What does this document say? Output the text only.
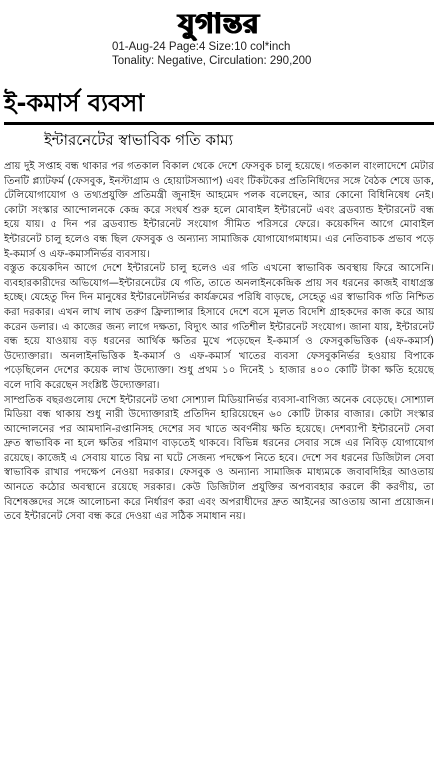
যুগান্তর
01-Aug-24 Page:4 Size:10 col*inch
Tonality: Negative, Circulation: 290,200
ই-কমার্স ব্যবসা
ইন্টারনেটের স্বাভাবিক গতি কাম্য

প্রায় দুই সপ্তাহ বন্ধ থাকার পর গতকাল বিকাল থেকে দেশে ফেসবুক চালু হয়েছে। গতকাল বাংলাদেশে মেটার তিনটি প্ল্যাটফর্ম (ফেসবুক, ইনস্টাগ্রাম ও হোয়াটসঅ্যাপ) এবং টিকটকের প্রতিনিধিদের সঙ্গে বৈঠক শেষে ডাক, টেলিযোগাযোগ ও তথ্যপ্রযুক্তি প্রতিমন্ত্রী জুনাইদ আহমেদ পলক বলেছেন, আর কোনো বিধিনিষেধ নেই। কোটা সংস্কার আন্দোলনকে কেন্দ্র করে সংঘর্ষ শুরু হলে মোবাইল ইন্টারনেট এবং ব্রডব্যান্ড ইন্টারনেট বন্ধ হয়ে যায়। ৫ দিন পর ব্রডব্যান্ড ইন্টারনেট সংযোগ সীমিত পরিসরে ফেরে। কয়েকদিন আগে মোবাইল ইন্টারনেট চালু হলেও বন্ধ ছিল ফেসবুক ও অন্যান্য সামাজিক যোগাযোগমাধ্যম। এর নেতিবাচক প্রভাব পড়ে ই-কমার্স ও এফ-কমার্সনির্ভর ব্যবসায়।

বস্তুত কয়েকদিন আগে দেশে ইন্টারনেট চালু হলেও এর গতি এখনো স্বাভাবিক অবস্থায় ফিরে আসেনি। ব্যবহারকারীদের অভিযোগ—ইন্টারনেটের যে গতি, তাতে অনলাইনকেন্দ্রিক প্রায় সব ধরনের কাজই বাধাগ্রস্ত হচ্ছে। যেহেতু দিন দিন মানুষের ইন্টারনেটনির্ভর কার্যক্রমের পরিধি বাড়ছে, সেহেতু এর স্বাভাবিক গতি নিশ্চিত করা দরকার। এখন লাখ লাখ তরুণ ফ্রিল্যান্সার হিসাবে দেশে বসে মূলত বিদেশি গ্রাহকদের কাজ করে আয় করেন ডলার। এ কাজের জন্য লাগে দক্ষতা, বিদ্যুৎ আর গতিশীল ইন্টারনেট সংযোগ। জানা যায়, ইন্টারনেট বন্ধ হয়ে যাওয়ায় বড় ধরনের আর্থিক ক্ষতির মুখে পড়েছেন ই-কমার্স ও ফেসবুকভিত্তিক (এফ-কমার্স) উদ্যোক্তারা। অনলাইনভিত্তিক ই-কমার্স ও এফ-কমার্স খাতের ব্যবসা ফেসবুকনির্ভর হওয়ায় বিপাকে পড়েছিলেন দেশের কয়েক লাখ উদ্যোক্তা। শুধু প্রথম ১০ দিনেই ১ হাজার ৪০০ কোটি টাকা ক্ষতি হয়েছে বলে দাবি করেছেন সংশ্লিষ্ট উদ্যোক্তারা।

সাম্প্রতিক বছরগুলোয় দেশে ইন্টারনেট তথা সোশ্যাল মিডিয়ানির্ভর ব্যবসা-বাণিজ্য অনেক বেড়েছে। সোশ্যাল মিডিয়া বন্ধ থাকায় শুধু নারী উদ্যোক্তারাই প্রতিদিন হারিয়েছেন ৬০ কোটি টাকার বাজার। কোটা সংস্কার আন্দোলনের পর আমদানি-রপ্তানিসহ দেশের সব খাতে অবর্ণনীয় ক্ষতি হয়েছে। দেশব্যাপী ইন্টারনেট সেবা দ্রুত স্বাভাবিক না হলে ক্ষতির পরিমাণ বাড়তেই থাকবে। বিভিন্ন ধরনের সেবার সঙ্গে এর নিবিড় যোগাযোগ রয়েছে। কাজেই এ সেবায় যাতে বিঘ্ন না ঘটে সেজন্য পদক্ষেপ নিতে হবে। দেশে সব ধরনের ডিজিটাল সেবা স্বাভাবিক রাখার পদক্ষেপ নেওয়া দরকার। ফেসবুক ও অন্যান্য সামাজিক মাধ্যমকে জবাবদিহির আওতায় আনতে কঠোর অবস্থানে রয়েছে সরকার। কেউ ডিজিটাল প্রযুক্তির অপব্যবহার করলে কী করণীয়, তা বিশেষজ্ঞদের সঙ্গে আলোচনা করে নির্ধারণ করা এবং অপরাধীদের দ্রুত আইনের আওতায় আনা প্রয়োজন। তবে ইন্টারনেট সেবা বন্ধ করে দেওয়া এর সঠিক সমাধান নয়।
